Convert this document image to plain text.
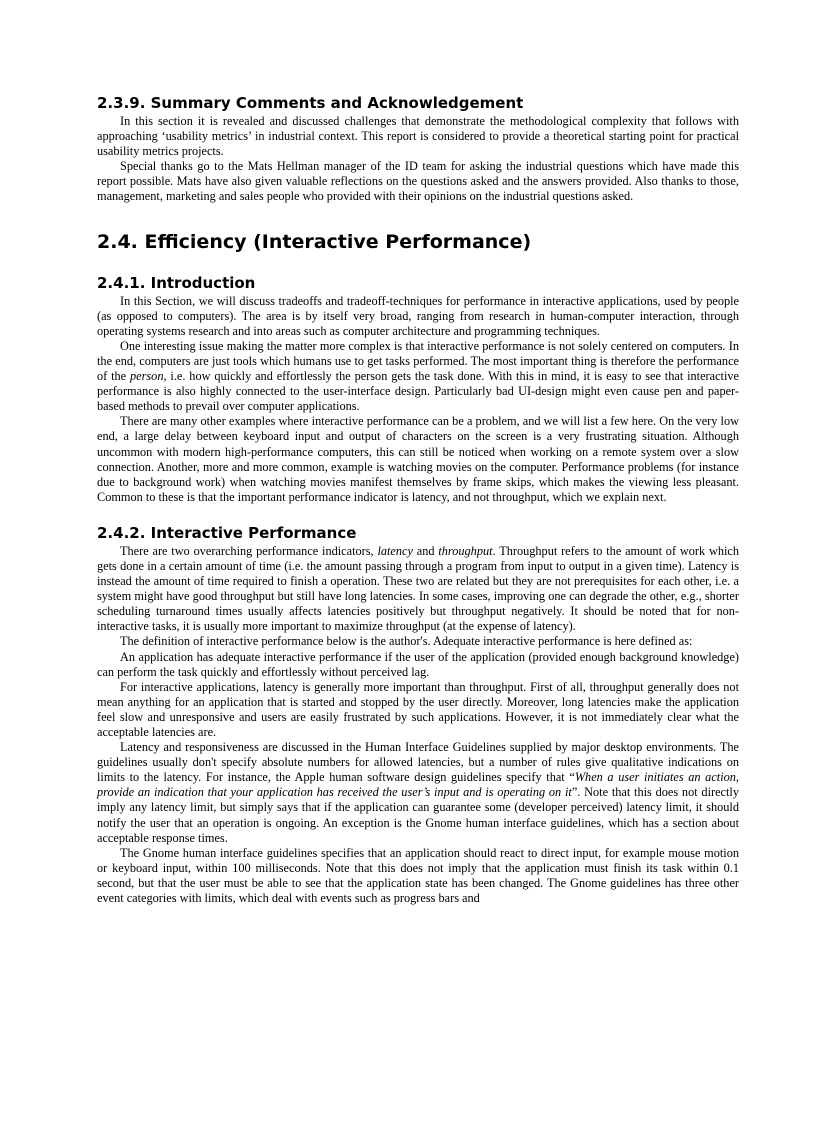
2.3.9. Summary Comments and Acknowledgement

In this section it is revealed and discussed challenges that demonstrate the methodological complexity that follows with approaching ‘usability metrics’ in industrial context. This report is considered to provide a theoretical starting point for practical usability metrics projects.

Special thanks go to the Mats Hellman manager of the ID team for asking the industrial questions which have made this report possible. Mats have also given valuable reflections on the questions asked and the answers provided. Also thanks to those, management, marketing and sales people who provided with their opinions on the industrial questions asked.

2.4. Efficiency (Interactive Performance)
2.4.1. Introduction

In this Section, we will discuss tradeoffs and tradeoff-techniques for performance in interactive applications, used by people (as opposed to computers). The area is by itself very broad, ranging from research in human-computer interaction, through operating systems research and into areas such as computer architecture and programming techniques.

One interesting issue making the matter more complex is that interactive performance is not solely centered on computers. In the end, computers are just tools which humans use to get tasks performed. The most important thing is therefore the performance of the person, i.e. how quickly and effortlessly the person gets the task done. With this in mind, it is easy to see that interactive performance is also highly connected to the user-interface design. Particularly bad UI-design might even cause pen and paper-based methods to prevail over computer applications.

There are many other examples where interactive performance can be a problem, and we will list a few here. On the very low end, a large delay between keyboard input and output of characters on the screen is a very frustrating situation. Although uncommon with modern high-performance computers, this can still be noticed when working on a remote system over a slow connection. Another, more and more common, example is watching movies on the computer. Performance problems (for instance due to background work) when watching movies manifest themselves by frame skips, which makes the viewing less pleasant. Common to these is that the important performance indicator is latency, and not throughput, which we explain next.

2.4.2. Interactive Performance

There are two overarching performance indicators, latency and throughput. Throughput refers to the amount of work which gets done in a certain amount of time (i.e. the amount passing through a program from input to output in a given time). Latency is instead the amount of time required to finish a operation. These two are related but they are not prerequisites for each other, i.e. a system might have good throughput but still have long latencies. In some cases, improving one can degrade the other, e.g., shorter scheduling turnaround times usually affects latencies positively but throughput negatively. It should be noted that for non-interactive tasks, it is usually more important to maximize throughput (at the expense of latency).

The definition of interactive performance below is the author's. Adequate interactive performance is here defined as:

An application has adequate interactive performance if the user of the application (provided enough background knowledge) can perform the task quickly and effortlessly without perceived lag.

For interactive applications, latency is generally more important than throughput. First of all, throughput generally does not mean anything for an application that is started and stopped by the user directly. Moreover, long latencies make the application feel slow and unresponsive and users are easily frustrated by such applications. However, it is not immediately clear what the acceptable latencies are.

Latency and responsiveness are discussed in the Human Interface Guidelines supplied by major desktop environments. The guidelines usually don't specify absolute numbers for allowed latencies, but a number of rules give qualitative indications on limits to the latency. For instance, the Apple human software design guidelines specify that “When a user initiates an action, provide an indication that your application has received the user’s input and is operating on it”. Note that this does not directly imply any latency limit, but simply says that if the application can guarantee some (developer perceived) latency limit, it should notify the user that an operation is ongoing. An exception is the Gnome human interface guidelines, which has a section about acceptable response times.

The Gnome human interface guidelines specifies that an application should react to direct input, for example mouse motion or keyboard input, within 100 milliseconds. Note that this does not imply that the application must finish its task within 0.1 second, but that the user must be able to see that the application state has been changed. The Gnome guidelines has three other event categories with limits, which deal with events such as progress bars and
